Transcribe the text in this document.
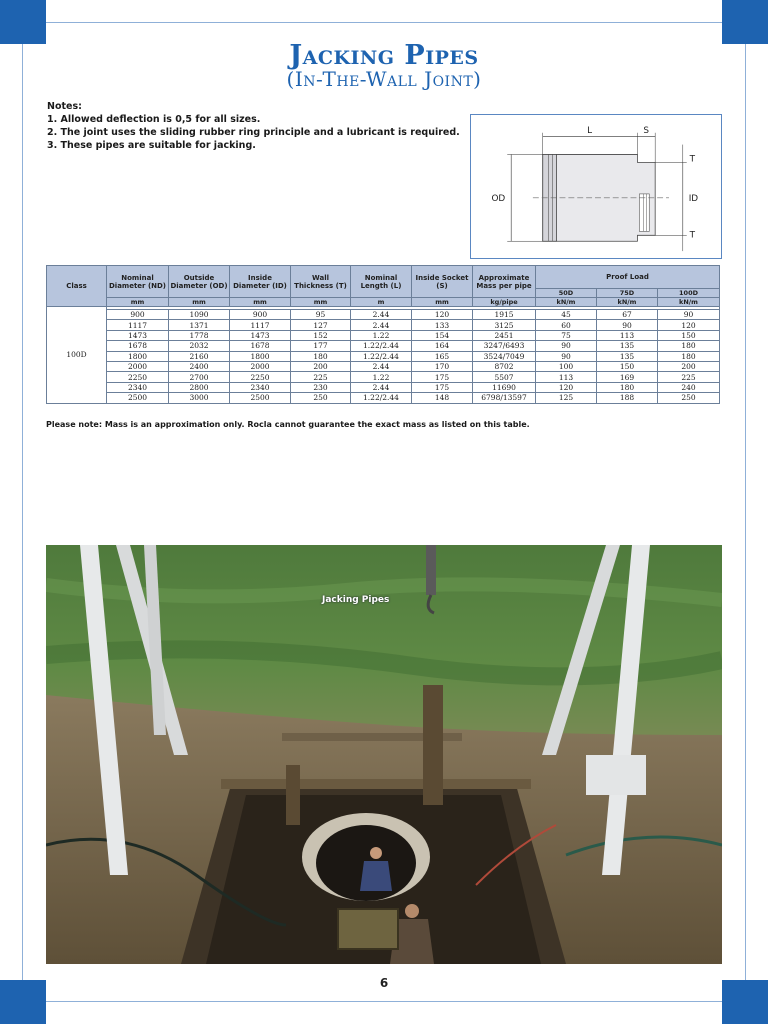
Jacking Pipes
(In-The-Wall Joint)
Notes:
1. Allowed deflection is 0,5 for all sizes.
2. The joint uses the sliding rubber ring principle and a lubricant is required.
3. These pipes are suitable for jacking.
L	S
T
T
OD	ID
Class	Nominal Diameter (ND)	Outside Diameter (OD)	Inside Diameter (ID)	Wall Thickness (T)	Nominal Length (L)	Inside Socket (S)	Approximate Mass per pipe	Proof Load		
								50D	75D	100D
	mm	mm	mm	mm	m	mm	kg/pipe	kN/m	kN/m	kN/m
100D										
	900	1090	900	95	2.44	120	1915	45	67	90
	1117	1371	1117	127	2.44	133	3125	60	90	120
	1473	1778	1473	152	1.22	154	2451	75	113	150
	1678	2032	1678	177	1.22/2.44	164	3247/6493	90	135	180
	1800	2160	1800	180	1.22/2.44	165	3524/7049	90	135	180
	2000	2400	2000	200	2.44	170	8702	100	150	200
	2250	2700	2250	225	1.22	175	5507	113	169	225
	2340	2800	2340	230	2.44	175	11690	120	180	240
	2500	3000	2500	250	1.22/2.44	148	6798/13597	125	188	250
Please note: Mass is an approximation only. Rocla cannot guarantee the exact mass as listed on this table.
Jacking Pipes
6
